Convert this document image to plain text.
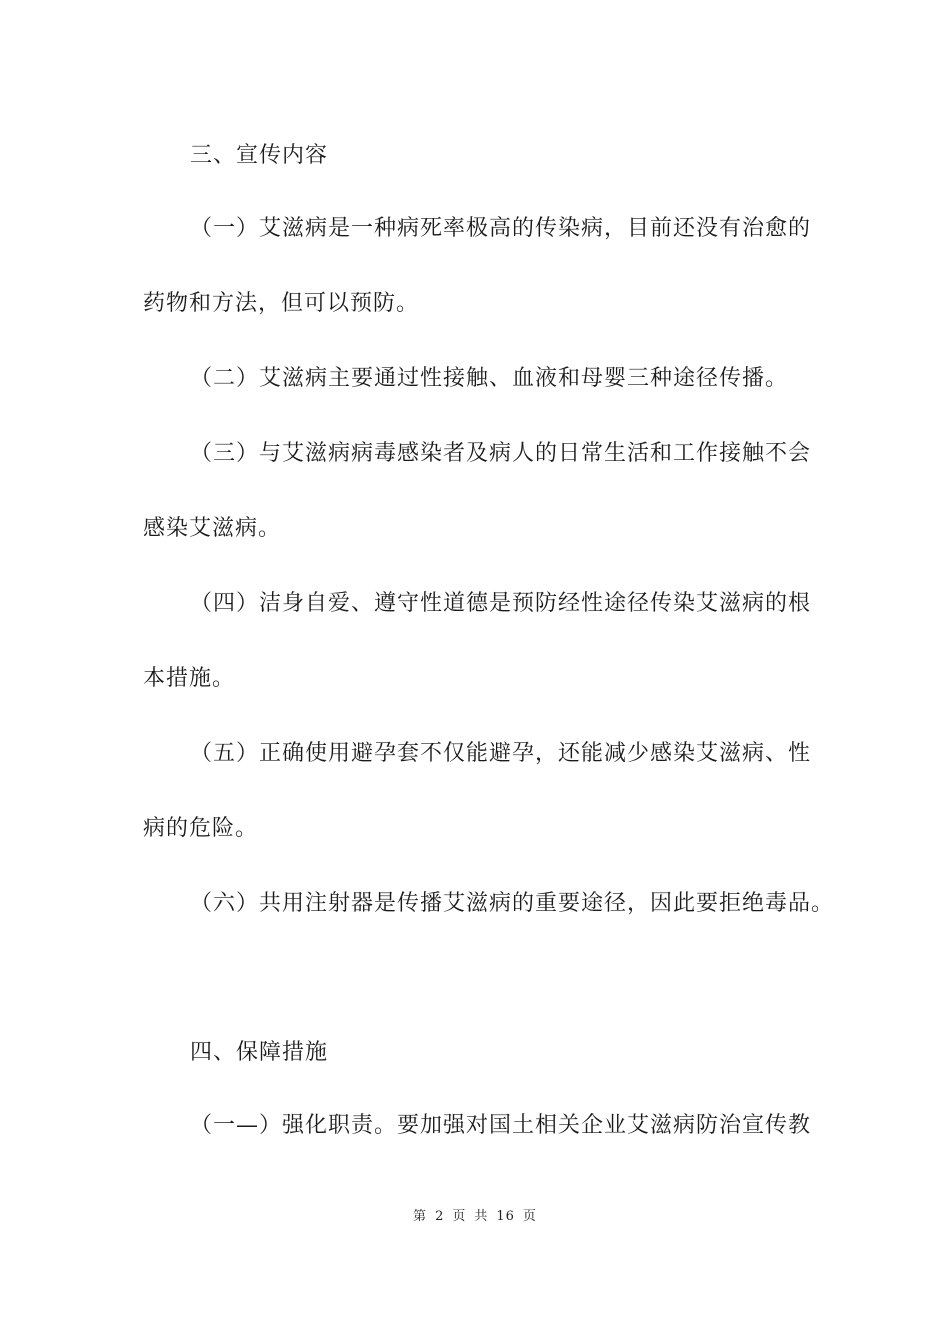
三、宣传内容
（一）艾滋病是一种病死率极高的传染病，目前还没有治愈的
药物和方法，但可以预防。
（二）艾滋病主要通过性接触、血液和母婴三种途径传播。
（三）与艾滋病病毒感染者及病人的日常生活和工作接触不会
感染艾滋病。
（四）洁身自爱、遵守性道德是预防经性途径传染艾滋病的根
本措施。
（五）正确使用避孕套不仅能避孕，还能减少感染艾滋病、性
病的危险。
（六）共用注射器是传播艾滋病的重要途径，因此要拒绝毒品。
四、保障措施
（一—）强化职责。要加强对国土相关企业艾滋病防治宣传教
第 2 页 共 16 页
